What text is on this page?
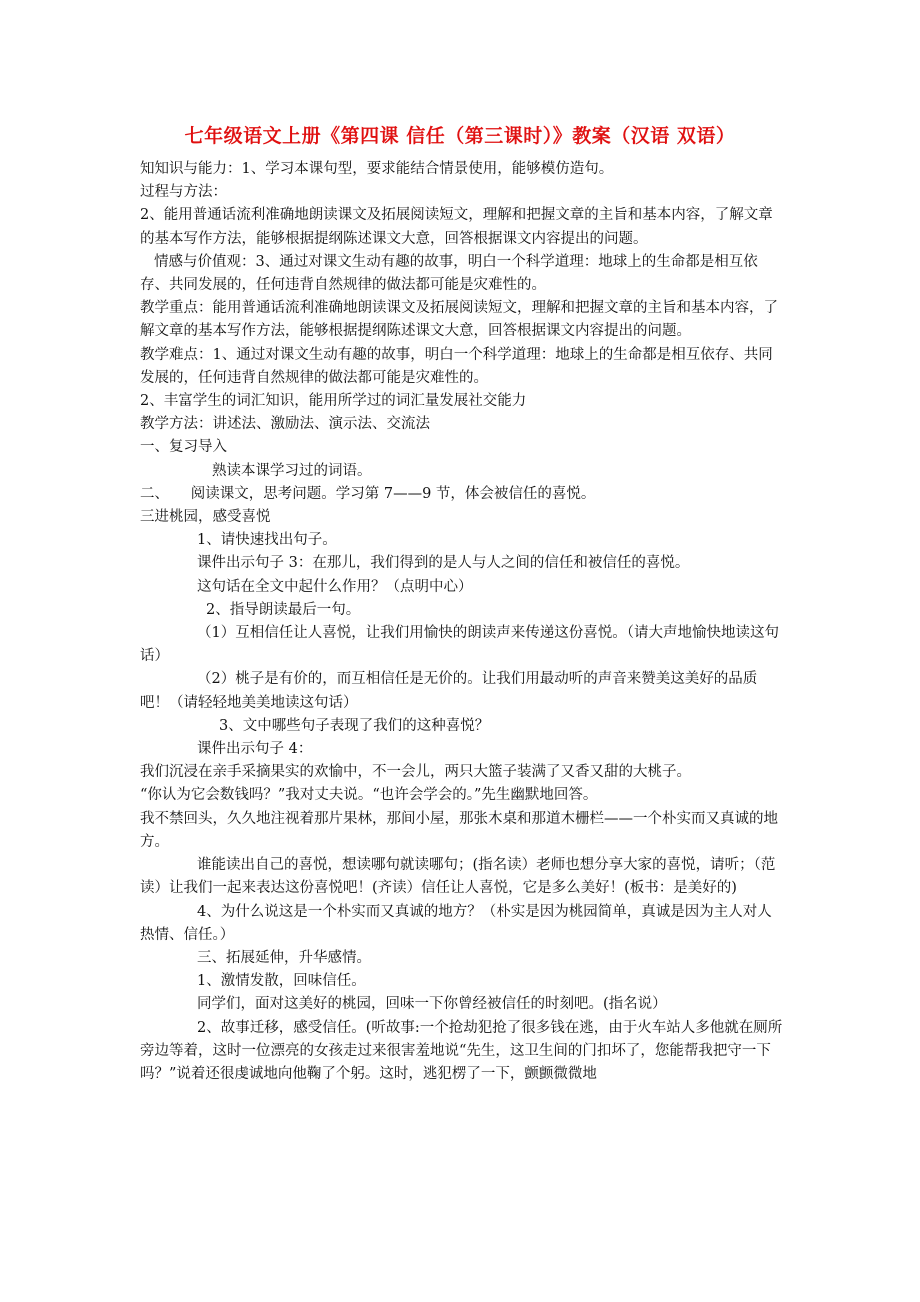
七年级语文上册《第四课 信任（第三课时）》教案（汉语 双语）

知知识与能力：1、学习本课句型，要求能结合情景使用，能够模仿造句。

过程与方法：

2、能用普通话流利准确地朗读课文及拓展阅读短文，理解和把握文章的主旨和基本内容，了解文章的基本写作方法，能够根据提纲陈述课文大意，回答根据课文内容提出的问题。

情感与价值观：3、通过对课文生动有趣的故事，明白一个科学道理：地球上的生命都是相互依存、共同发展的，任何违背自然规律的做法都可能是灾难性的。

教学重点：能用普通话流利准确地朗读课文及拓展阅读短文，理解和把握文章的主旨和基本内容，了解文章的基本写作方法，能够根据提纲陈述课文大意，回答根据课文内容提出的问题。

教学难点：1、通过对课文生动有趣的故事，明白一个科学道理：地球上的生命都是相互依存、共同发展的，任何违背自然规律的做法都可能是灾难性的。

2、丰富学生的词汇知识，能用所学过的词汇量发展社交能力

教学方法：讲述法、激励法、演示法、交流法

一、复习导入

熟读本课学习过的词语。

二、　　阅读课文，思考问题。学习第 7——9 节，体会被信任的喜悦。

三进桃园，感受喜悦

1、请快速找出句子。

课件出示句子 3：在那儿，我们得到的是人与人之间的信任和被信任的喜悦。

这句话在全文中起什么作用？（点明中心）

2、指导朗读最后一句。

（1）互相信任让人喜悦，让我们用愉快的朗读声来传递这份喜悦。（请大声地愉快地读这句话）

（2）桃子是有价的，而互相信任是无价的。让我们用最动听的声音来赞美这美好的品质吧！（请轻轻地美美地读这句话）

3、文中哪些句子表现了我们的这种喜悦？

课件出示句子 4：

我们沉浸在亲手采摘果实的欢愉中，不一会儿，两只大篮子装满了又香又甜的大桃子。

“你认为它会数钱吗？”我对丈夫说。“也许会学会的。”先生幽默地回答。

我不禁回头，久久地注视着那片果林，那间小屋，那张木桌和那道木栅栏——一个朴实而又真诚的地方。

谁能读出自己的喜悦，想读哪句就读哪句；(指名读）老师也想分享大家的喜悦，请听；（范读）让我们一起来表达这份喜悦吧！(齐读）信任让人喜悦，它是多么美好！(板书：是美好的)

4、为什么说这是一个朴实而又真诚的地方？（朴实是因为桃园简单，真诚是因为主人对人热情、信任。）

三、拓展延伸，升华感情。

1、激情发散，回味信任。

同学们，面对这美好的桃园，回味一下你曾经被信任的时刻吧。(指名说）

2、故事迁移，感受信任。(听故事:一个抢劫犯抢了很多钱在逃，由于火车站人多他就在厕所旁边等着，这时一位漂亮的女孩走过来很害羞地说“先生，这卫生间的门扣坏了，您能帮我把守一下吗？”说着还很虔诚地向他鞠了个躬。这时，逃犯楞了一下，颤颤微微地
